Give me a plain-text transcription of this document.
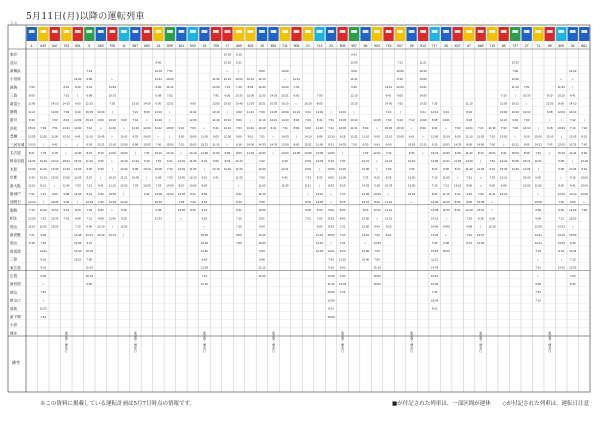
5月11日(月)以降の運転列車
下り
1 649 647 703 501 9 653 705 11 657 653 13 899 161 903 15 709 17 659 503 19 891 711 905 21 713 23 505 907 65 903 715 507 25 913 717 25 637 67 669 719 69 727 27 71 95 509 31 661
東京
品川
新横浜
小田原
熱海
三島
新富士
静岡
掛川
浜松
豊橋
三河安城
名古屋
岐阜羽島
米原
京都
新大阪
新神戸
西明石
姫路
相生
岡山
新倉敷
福山
新尾道
三原
東広島
広島
新岩国
徳山
新山口
厚狭
新下関
小倉
博多
備考
7:00
8:00
11:00
11:21
6:30
15:21
12:03
10:10
8:21
14:33
13:00
6:30
11:10
7:51
13:10
7:10
12:00
11:10
7:21
6:18
7:03
11:00
|
7:33
10:10
11:42
13:10
8:21
7:21
|
11:00
7:51
11:42
9:00
7:10
14:21
9:10
9:10
6:30
レ
7:51
|
11:03
7:51
14:10
13:00
7:03
7:51
11:00
6:41
6:18
10:10
13:33
13:00
|
9:00
10:33
11:10
10:33
15:03
8:10
7:51
14:10
7:03
8:10
14:21
15:10
レ
レ
15:21
14:10
13:00
11:42
6:08
9:00
9:10
7:42
東京発・博多行
14:00
8:10
|
6:00
9:10
12:03
11:00
6:41
|
11:00
15:21
12:03
11:03
7:03
14:33
|
8:10
6:08
7:10
13:45
13:33
13:10
15:21
7:21
6:08
6:41
6:08
11:33
15:03
15:10
7:10
11:10
6:18
8:10
11:10
6:30
9:10
7:51
8:21
14:33
7:03
7:21
6:00
12:21
6:41
10:10
7:00
11:03
10:10
6:00
14:00
9:00
レ
13:45
12:21
8:10
9:10
6:30
|
6:41
6:30
7:33
8:33
6:08
12:10
10:33
レ
11:33
10:33
7:03
|
13:10
11:10
レ
13:10
11:00
レ
|
10:10
11:10
13:45
14:33
レ
11:42
|
12:21
6:30
レ
11:42
13:00
10:00
14:10
14:33
11:21
11:00
|
14:00
6:18
9:15
11:03
|
13:10
7:21
7:42
11:33
8:33
6:08
|
11:21
6:08
10:00
7:33
東京発・博多行
14:00
8:33
レ
12:03
10:00
15:03
7:21
9:10
10:10
|
12:00
6:41
8:00
10:10
11:21
9:00
6:08
6:30
14:10
11:00
11:42
レ
7:00
10:10
7:51
10:00
6:08
7:03
14:00
15:10
6:08
11:33
7:51
14:00
11:10
7:51
12:21
|
|
10:00
|
15:00
10:10
6:41
7:42
7:03
14:00
12:03
9:10
9:00
7:10
レ
12:10
14:33
13:45
8:10
12:03
7:03
13:45
レ
9:00
11:42
12:00
7:03
10:00
15:03
14:10
11:33
11:33
12:10
10:00
6:41
7:10
9:15
レ
11:00
15:21
11:00
6:41
|
9:10
8:00
8:00
6:18
9:10
9:10
レ
15:00
12:10
11:42
6:18
11:03
7:10
11:10
東京発・博多行
11:33
12:00
7:42
12:03
13:10
11:10
6:41
6:00
11:10
11:00
6:00
12:10
6:41
10:33
13:10
レ
15:21
7:21
6:00
15:10
|
15:10
14:10
12:00
レ
6:00
8:33
12:10
9:15
8:21
|
12:03
7:10
13:33
13:45
6:00
8:00
7:03
9:00
6:18
8:00
11:10
11:33
11:33
|
6:41
9:10
6:41
7:10
7:10
9:00
7:00
10:10
8:33
15:00
11:03
11:21
|
13:10
9:10
14:00
11:03
8:00
12:10
10:33
11:03
15:21
7:00
11:10
10:10
7:51
14:33
13:33
7:42
14:00
7:00
11:00
14:10
6:30
10:00
8:21
6:00
11:00
14:00
8:33
6:08
11:10
11:00
14:33
10:33
13:45
14:21
6:41
レ
14:33
レ
東京発・博多行
10:00
レ
13:33
15:21
10:10
10:00
14:33
7:21
14:33
12:00
12:03
9:10
12:21
6:41
11:00
11:21
7:51
6:00
レ
12:21
8:00
8:00
|
8:00
14:00
15:10
6:41
7:03
6:00
14:10
15:21
13:00
6:00
6:00
7:33
8:21
|
6:00
6:08
7:51
7:00
8:00
11:03
6:41
11:10
6:08
12:00
13:45
13:33
|
8:33
|
13:10
13:45
6:00
7:03
9:00
11:21
14:10
12:03
|
7:51
7:21
13:10
8:21
14:33
9:10
10:00
8:00
8:33
レ
|
6:00
8:33
8:33
15:03
|
14:21
7:42
9:10
13:45
11:42
15:00
12:00
8:21
15:00
14:10
13:33
12:03
6:18
14:33
|
7:00
11:03
11:00
9:15
7:10
9:15
8:00
8:00
7:21
7:10
7:21
8:10
11:10
9:00
7:00
13:33
7:21
東京発・博多行
6:41
12:03
9:00
11:21
6:30
12:10
15:10
|
10:10
11:21
12:21
7:10
8:00
11:10
6:30
7:03
12:21
13:00
7:33
14:33
13:45
15:21
9:10
13:00
12:00
14:10
レ
14:00
10:00
13:45
レ
6:00
6:41
12:21
レ
|
8:10
6:18
14:33
8:10
13:10
レ
6:41
7:42
14:33
7:03
7:00
15:10
15:00
15:00
13:10
6:41
14:00
7:21
7:03
15:00
13:10
6:00
7:42
12:21
7:00
8:33
10:33
レ
11:42
11:21
14:21
9:10
8:21
7:21
10:00
8:10
12:03
6:00
7:51
|
9:10
10:10
13:00
7:10
レ
6:41
15:03
6:30
10:10
7:00
12:00
13:00
10:33
レ
東京発・博多行
11:21
10:10
15:00
14:21
14:33
13:33
6:41
14:00
8:10
レ
12:21
レ
7:33
14:10
6:08
9:10
12:00
9:10
15:21
12:00
8:21
7:10
7:10
8:21
13:00
13:45
14:21
14:00
13:33
7:03
15:10
11:21
14:33
10:10
12:00
7:33
15:03
8:21
6:41
14:21
レ
10:10
15:03
10:33
12:21
8:00
11:00
7:21
11:10
10:10
11:03
|
14:00
レ
6:08
15:03
7:03
6:00
14:33
6:08
11:03
8:21
|
14:10
6:41
8:33
8:21
11:10
8:10
6:18
14:21
11:10
8:00
11:42
13:10
11:42
7:51
8:00
9:15
8:00
12:10
7:10
6:08
7:42
8:10
7:21
11:03
14:00
8:10
|
11:03
レ
レ
7:00
13:45
13:10
6:18
|
13:10
14:00
東京発・博多行
11:33
7:51
7:00
15:21
7:51
9:10
7:33
9:00
11:21
レ
レ
6:00
10:10
7:10
11:03
13:00
11:21
7:33
13:00
レ
6:41
12:21
15:03
12:10
6:08
12:10
13:33
7:00
14:00
11:10
|
15:21
10:33
6:30
7:00
レ
15:21
15:03
10:00
14:33
7:51
10:33
|
12:10
7:03
14:10
9:10
6:00
8:00
15:21
11:03
15:00
12:00
|
15:00
14:21
7:51
11:21
|
6:00
11:00
レ
13:00
6:30
6:00
12:00
14:21
12:21
7:33
レ
7:51
レ
6:30
7:51
7:10
9:10
13:33
6:08
|
6:18
13:10
7:42
レ
東京発・博多行
レ
11:33
15:10
8:00
12:03
|
10:33
|
12:03
15:10
6:08
6:08
レ
8:00
14:10
7:00
6:00
7:21
14:21
14:10
13:33
9:10
|
14:10
14:00
レ
|
6:41
14:10
14:10
7:42
7:10
12:03
11:33
11:42
|
11:03
9:15
6:41
10:10
6:00
12:03
15:00
レ
15:00
6:30
11:03
7:10
12:03
7:00
6:30
|
7:10
8:21
7:42
6:00
13:10
8:10
15:00
15:00
12:00
レ
7:00
※この資料に掲載している運転計画は5月7日時点の情報です。	■が付記された列車は、一部区間が運休 ◇が付記された列車は、運転日注意
